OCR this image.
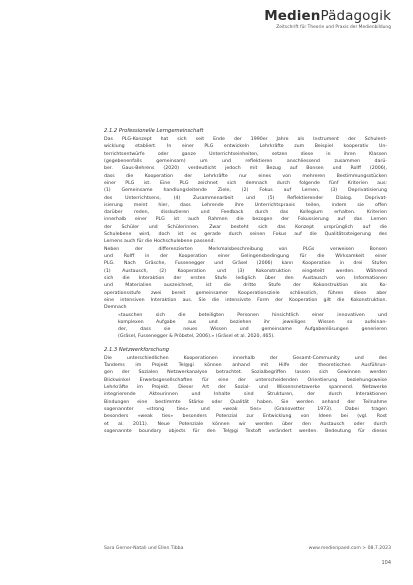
MedienPädagogik
Zeitschrift für Theorie und Praxis der Medienbildung
2.1.2 Professionelle Lerngemeinschaft
Das PLG-Konzept hat sich seit Ende der 1990er Jahre als Instrument der Schulent-
wicklung etabliert. In einer PLG entwickeln Lehrkräfte zum Beispiel kooperativ Un-
terrichtsentwürfe oder ganze Unterrichtseinheiten, setzen diese in ihren Klassen
(gegebenenfalls gemeinsam) um und reflektieren anschliessend zusammen darü-
ber. Gaus-Behrens (2020) verdeutlicht jedoch mit Bezug auf Bonsen und Rolff (2006),
dass die Kooperation der Lehrkräfte nur eines von mehreren Bestimmungsstücken
einer PLG ist. Eine PLG zeichnet sich demnach durch folgende fünf Kriterien aus:
(1) Gemeinsame handlungsleitende Ziele, (2) Fokus auf Lernen, (3) Deprivatisierung
des Unterrichtsens, (4) Zusammenarbeit und (5) Reflektierender Dialog. Deprivat-
isierung meint hier, dass Lehrende ihre Unterrichtspraxis teilen, indem sie offen
darüber reden, disskutieren und Feedback durch das Kollegium erhalten. Kriterien
innerhalb einer PLG ist auch Rahmen die bezogen der Fokussierung auf das Lernen
der Schüler und Schülerinnen. Zwar besteht sich das Konzept ursprünglich auf die
Schulebene wird, doch ist es gerade durch seinen Fokus auf die Qualitätssteigerung des
Lernens auch für die Hochschulebene passend.
Neben der differenzierten Merkmalsbeschreibung von PLGs verweisen Bonsen
und Rolff in der Kooperation einer Gelingensbedingung für die Wirksamkeit einer
PLG. Nach Gräsche, Fussenegger und Gräsel (2006) kann Kooperation in drei Stufen
(1) Austausch, (2) Kooperation und (3) Kokonstruktion eingeteilt werden. Während
sich die Interaktion der ersten Stufe lediglich über den Austausch von Informationen
und Materialien auszeichnet, ist die dritte Stufe der Kokonstruktion als Ko-
operationsstufe zwei bereit gemeinsamer Kooperationsziele schliesslich, führen diese aber
eine intensiven Interaktion aus. Sie die intensivste Form der Kooperation gilt die Kokonstruktion.
Demnach
«tauschen sich die beteiligten Personen hinsichtlich einer innovativen und
komplexen Aufgabe aus und beziehen ihr jeweiliges Wissen so aufeinan-
der, dass sie neues Wissen und gemeinsame Aufgabenlösungen generieren
(Gräsel, Fussenegger & Pröbstel, 2006).» (Gräsel et al. 2020, 465).
2.1.3 Netzwerkforschung
Die unterschiedlichen Kooperationen innerhalb der Gesamt-Community und des
Tandems im Projekt Tel@gi können anhand mit Hilfe der theoretischen Ausführun-
gen der Sozialen Netzwerkanalyse betrachtet. Sozialbegriffen lassen sich Gewinnen werden
Blickwinkel Erwerbsgesellschaften für eine der unterscheidenden Orientierung beziehungsweise
Lehrkräfte im Projekt. Dieser Art der Sozial- und Wissensnetzwerke spannend. Netzwerke
integrierende Akteurinnen und Inhalte sind Strukturen, der durch Interaktionen
Bindungen eine bestimmte Stärke oder Qualität haben. Sie werden anhand der Teilnahme
sogenannter «strong ties» und «weak ties» (Granovetter 1973). Dabei tragen
besonders «weak ties» besonders Potenzial zur Entwicklung von Ideen bei (vgl. Rost
et al. 2011). Neue Potenziale können wir werden über den Austausch oder durch
sogenannte boundary objects für den Tel@gi Textoft verändert werden. Bedeutung für dieses
Sara Gerner-Natali und Ellen Tibba	www.medienpaed.com > 08.7.2023
104
